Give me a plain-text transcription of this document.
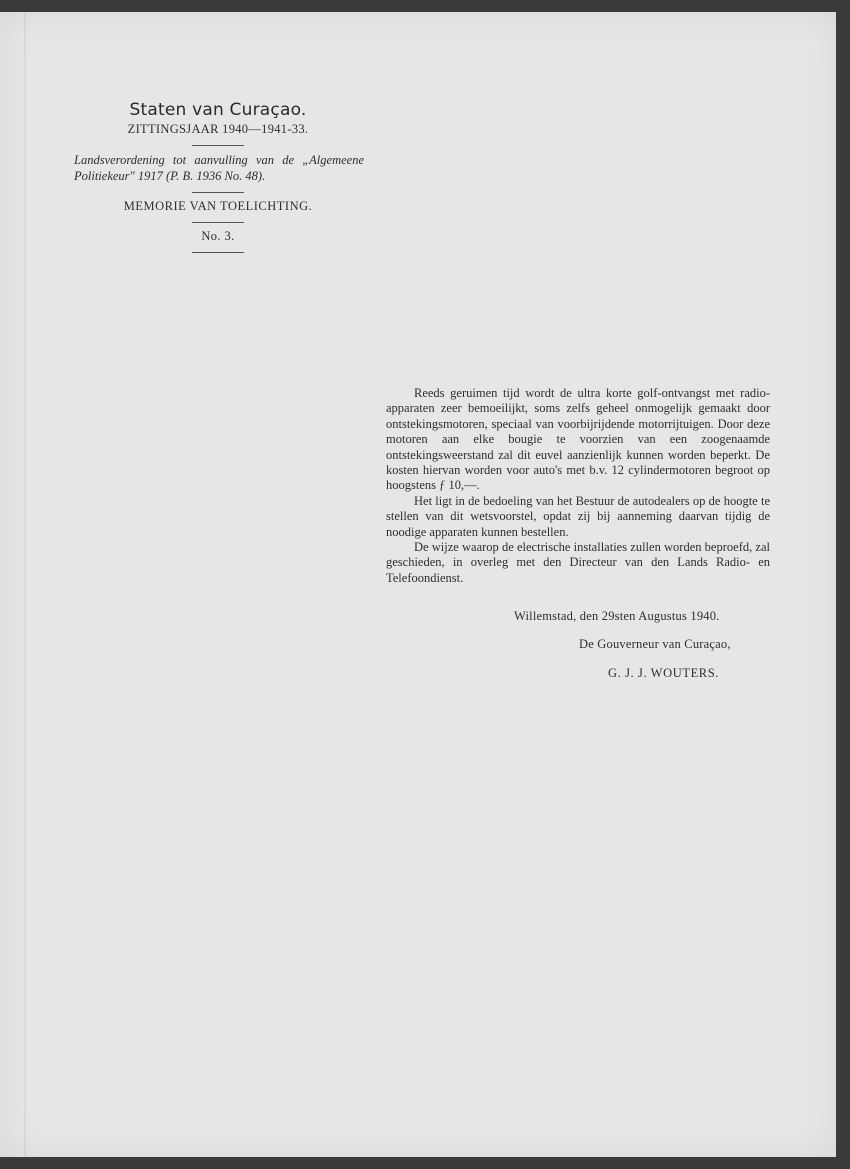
Staten van Curaçao.
ZITTINGSJAAR 1940—1941-33.
Landsverordening tot aanvulling van de „Algemeene Politiekeur" 1917 (P. B. 1936 No. 48).
MEMORIE VAN TOELICHTING.
No. 3.

Reeds geruimen tijd wordt de ultra korte golf-ontvangst met radio-apparaten zeer bemoeilijkt, soms zelfs geheel onmogelijk gemaakt door ontstekingsmotoren, speciaal van voorbijrijdende motorrijtuigen. Door deze motoren aan elke bougie te voorzien van een zoogenaamde ontstekingsweerstand zal dit euvel aanzienlijk kunnen worden beperkt. De kosten hiervan worden voor auto's met b.v. 12 cylindermotoren begroot op hoogstens ƒ 10,—.

Het ligt in de bedoeling van het Bestuur de autodealers op de hoogte te stellen van dit wetsvoorstel, opdat zij bij aanneming daarvan tijdig de noodige apparaten kunnen bestellen.

De wijze waarop de electrische installaties zullen worden beproefd, zal geschieden, in overleg met den Directeur van den Lands Radio- en Telefoondienst.

Willemstad, den 29sten Augustus 1940.
De Gouverneur van Curaçao,
G. J. J. WOUTERS.
